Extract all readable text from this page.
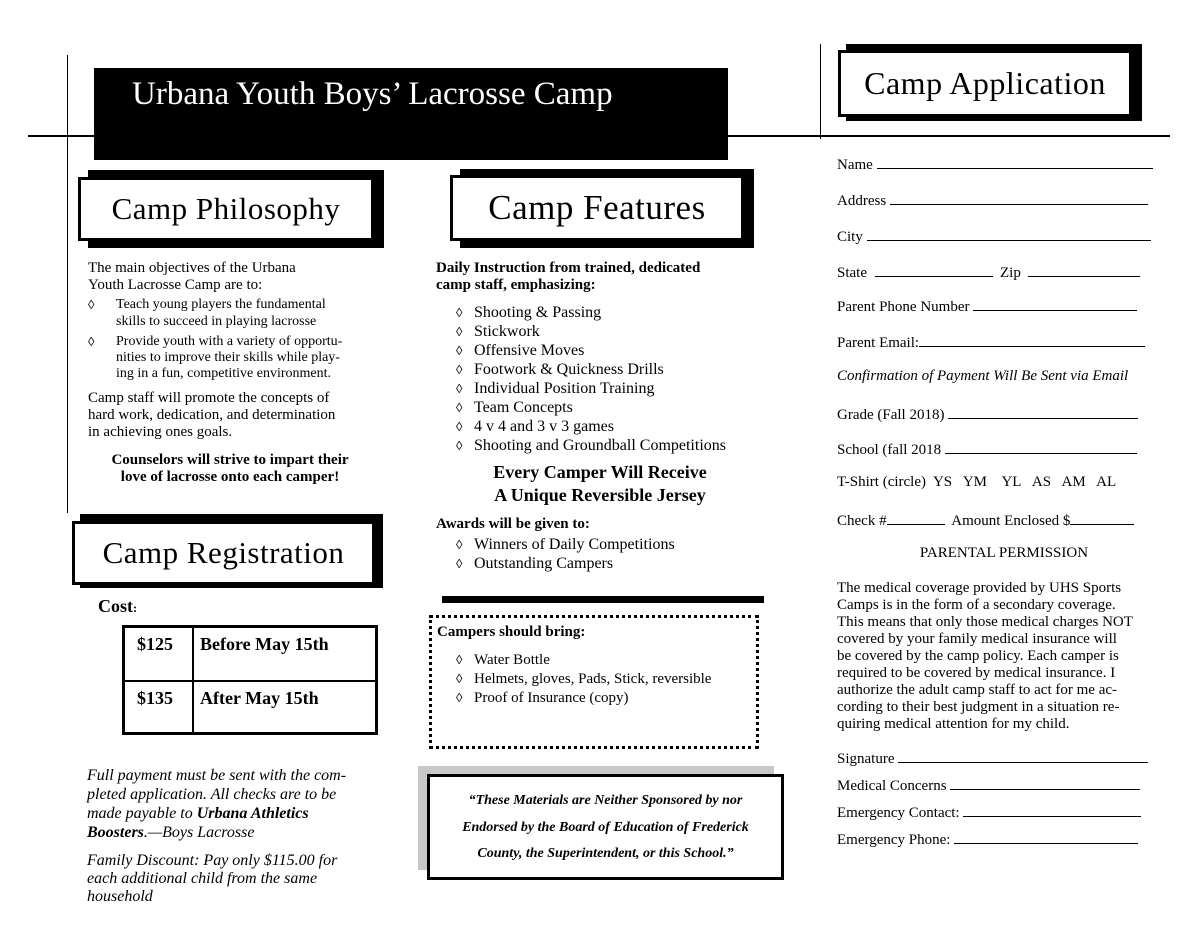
Urbana Youth Boys’ Lacrosse Camp
Camp Philosophy
The main objectives of the Urbana
Youth Lacrosse Camp are to:
◊ Teach young players the fundamental
skills to succeed in playing lacrosse
◊ Provide youth with a variety of opportu-
nities to improve their skills while play-
ing in a fun, competitive environment.
Camp staff will promote the concepts of
hard work, dedication, and determination
in achieving ones goals.
Counselors will strive to impart their
love of lacrosse onto each camper!
Camp Registration
Cost:
$125 Before May 15th
$135 After May 15th
Full payment must be sent with the com-
pleted application. All checks are to be
made payable to Urbana Athletics
Boosters.—Boys Lacrosse
Family Discount: Pay only $115.00 for
each additional child from the same
household
Camp Features
Daily Instruction from trained, dedicated
camp staff, emphasizing:
◊ Shooting & Passing
◊ Stickwork
◊ Offensive Moves
◊ Footwork & Quickness Drills
◊ Individual Position Training
◊ Team Concepts
◊ 4 v 4 and 3 v 3 games
◊ Shooting and Groundball Competitions
Every Camper Will Receive
A Unique Reversible Jersey
Awards will be given to:
◊ Winners of Daily Competitions
◊ Outstanding Campers
Campers should bring:
◊ Water Bottle
◊ Helmets, gloves, Pads, Stick, reversible
◊ Proof of Insurance (copy)
“These Materials are Neither Sponsored by nor
Endorsed by the Board of Education of Frederick
County, the Superintendent, or this School.”
Camp Application
Name
Address
City
State	Zip
Parent Phone Number
Parent Email:
Confirmation of Payment Will Be Sent via Email
Grade (Fall 2018)
School (fall 2018
T-Shirt (circle) YS YM YL AS AM AL
Check #	Amount Enclosed $
PARENTAL PERMISSION
The medical coverage provided by UHS Sports
Camps is in the form of a secondary coverage.
This means that only those medical charges NOT
covered by your family medical insurance will
be covered by the camp policy. Each camper is
required to be covered by medical insurance. I
authorize the adult camp staff to act for me ac-
cording to their best judgment in a situation re-
quiring medical attention for my child.
Signature
Medical Concerns
Emergency Contact:
Emergency Phone:
